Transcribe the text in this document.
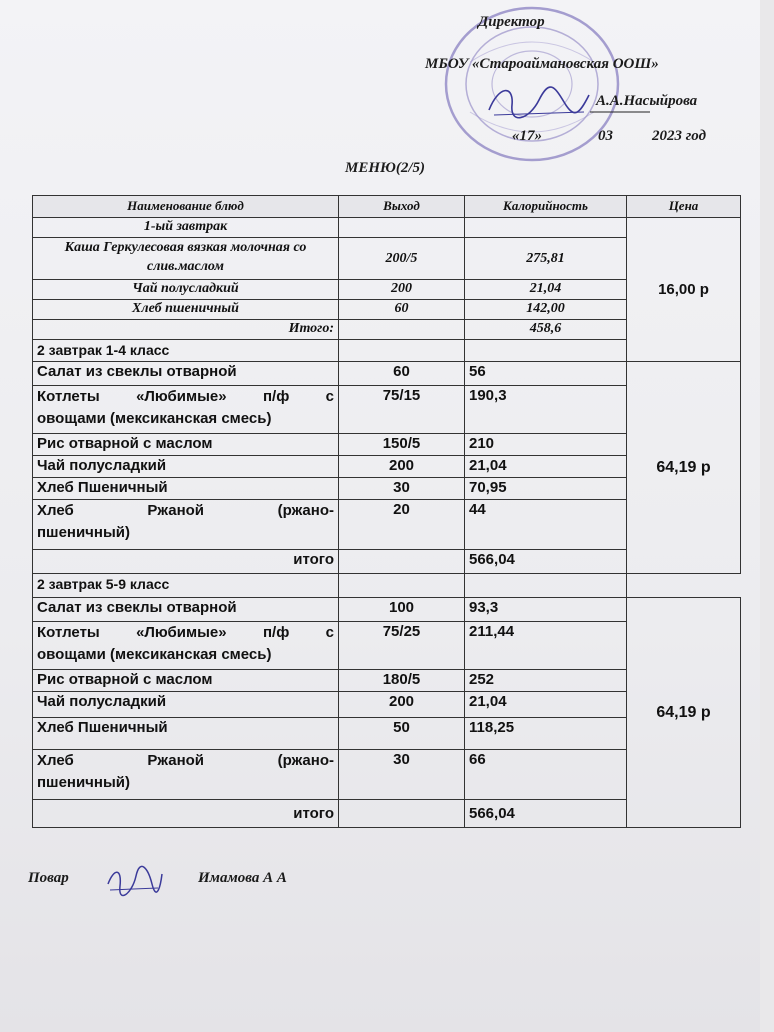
Директор
МБОУ «Староаймановская ООШ»
А.А.Насыйрова
«17»	03	2023 год
МЕНЮ(2/5)
Наименование блюд	Выход	Калорийность	Цена
1-ый завтрак			16,00 р
Каша Геркулесовая вязкая молочная со слив.маслом	200/5	275,81	
Чай полусладкий	200	21,04	
Хлеб пшеничный	60	142,00	
Итого:		458,6	
2 завтрак 1-4 класс			
Салат из свеклы отварной	60	56	64,19 р

Котлеты «Любимые» п/ф с
овощами (мексиканская смесь)	75/15	190,3	
Рис отварной с маслом	150/5	210	
Чай полусладкий	200	21,04	
Хлеб Пшеничный	30	70,95	

Хлеб Ржаной (ржано-
пшеничный)	20	44	
итого		566,04	
2 завтрак 5-9 класс			
Салат из свеклы отварной	100	93,3	64,19 р

Котлеты «Любимые» п/ф с
овощами (мексиканская смесь)	75/25	211,44	
Рис отварной с маслом	180/5	252	
Чай полусладкий	200	21,04	
Хлеб Пшеничный	50	118,25	

Хлеб Ржаной (ржано-
пшеничный)	30	66	
итого		566,04	
Повар	Имамова А А
